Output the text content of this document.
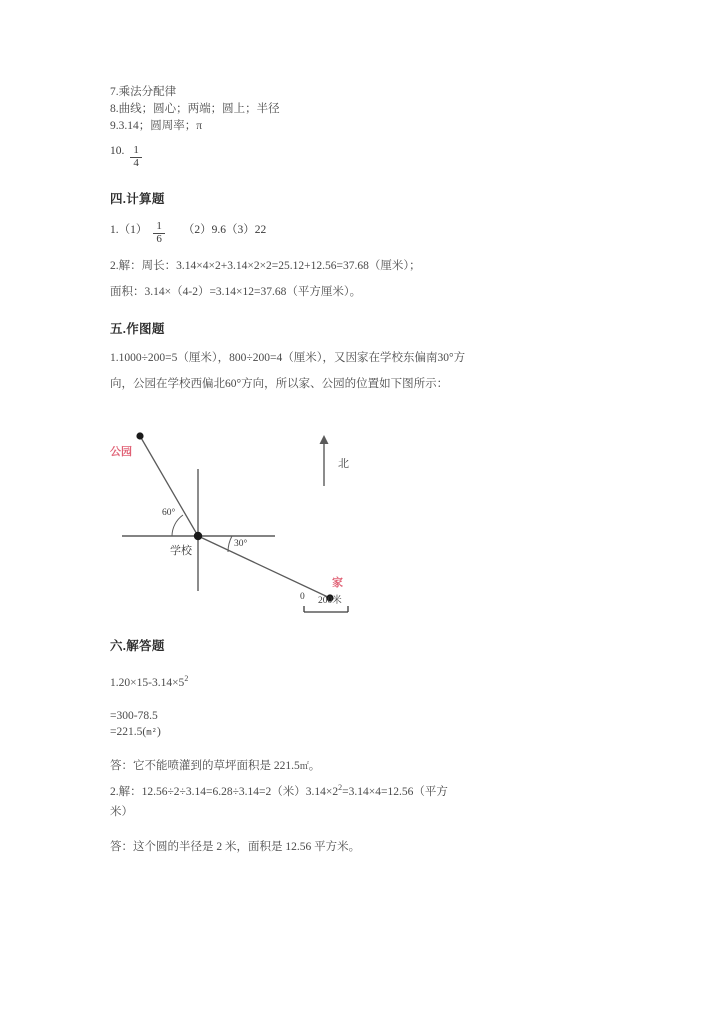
7.乘法分配律
8.曲线；圆心；两端；圆上；半径
9.3.14；圆周率；π
10. $\frac{1}{4}$
四.计算题
$1.(1) \frac{1}{6} (2)9.6(3)22$
2.解：周长：3.14×4×2+3.14×2×2=25.12+12.56=37.68（厘米）；
面积：3.14×（4-2）=3.14×12=37.68（平方厘米）。
五.作图题
1.1000÷200=5（厘米），800÷200=4（厘米），又因家在学校东偏南30°方
向，公园在学校西偏北60°方向，所以家、公园的位置如下图所示：
公园
学校
家
60°
30°
北
0 200米
六.解答题
$1.20\times 15-3.14\times 5^2$
=300-78.5
=221.5(m²)
答：它不能喷灌到的草坪面积是 221.5㎡。
2.解：12.56÷2÷3.14=6.28÷3.14=2（米）$3.14\times 2^2=3.14\times 4=12.56$（平方
米）
答：这个圆的半径是 2 米，面积是 12.56 平方米。
